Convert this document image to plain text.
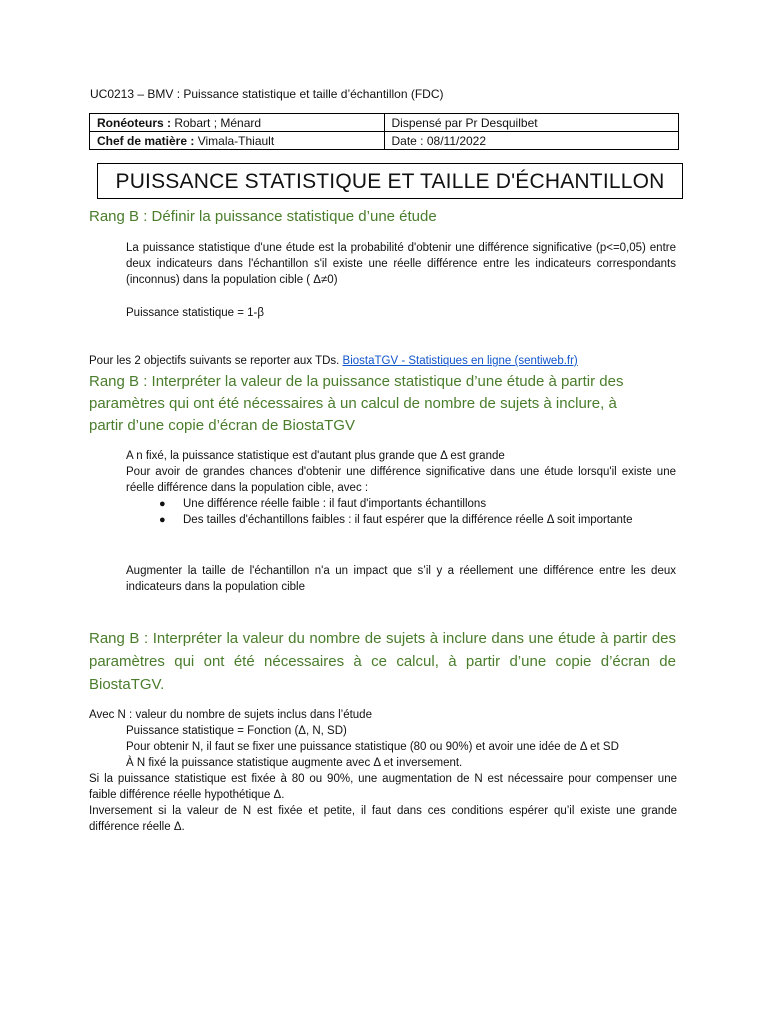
UC0213 – BMV : Puissance statistique et taille d’échantillon (FDC)
Ronéoteurs : Robart ; Ménard	Dispensé par Pr Desquilbet
Chef de matière : Vimala-Thiault	Date : 08/11/2022
PUISSANCE STATISTIQUE ET TAILLE D'ÉCHANTILLON
Rang B : Définir la puissance statistique d’une étude
La puissance statistique d'une étude est la probabilité d'obtenir une différence significative (p<=0,05) entre deux indicateurs dans l'échantillon s'il existe une réelle différence entre les indicateurs correspondants (inconnus) dans la population cible ( Δ≠0)
Puissance statistique = 1-β
Pour les 2 objectifs suivants se reporter aux TDs. BiostaTGV - Statistiques en ligne (sentiweb.fr)
Rang B : Interpréter la valeur de la puissance statistique d’une étude à partir des paramètres qui ont été nécessaires à un calcul de nombre de sujets à inclure, à partir d’une copie d’écran de BiostaTGV
A n fixé, la puissance statistique est d'autant plus grande que Δ est grande
Pour avoir de grandes chances d'obtenir une différence significative dans une étude lorsqu'il existe une réelle différence dans la population cible, avec :
● Une différence réelle faible : il faut d'importants échantillons
● Des tailles d'échantillons faibles : il faut espérer que la différence réelle Δ soit importante
Augmenter la taille de l'échantillon n'a un impact que s’il y a réellement une différence entre les deux indicateurs dans la population cible
Rang B : Interpréter la valeur du nombre de sujets à inclure dans une étude à partir des paramètres qui ont été nécessaires à ce calcul, à partir d’une copie d’écran de BiostaTGV.
Avec N : valeur du nombre de sujets inclus dans l’étude
Puissance statistique = Fonction (Δ, N, SD)
Pour obtenir N, il faut se fixer une puissance statistique (80 ou 90%) et avoir une idée de Δ et SD
À N fixé la puissance statistique augmente avec Δ et inversement.
Si la puissance statistique est fixée à 80 ou 90%, une augmentation de N est nécessaire pour compenser une faible différence réelle hypothétique Δ.
Inversement si la valeur de N est fixée et petite, il faut dans ces conditions espérer qu’il existe une grande différence réelle Δ.
